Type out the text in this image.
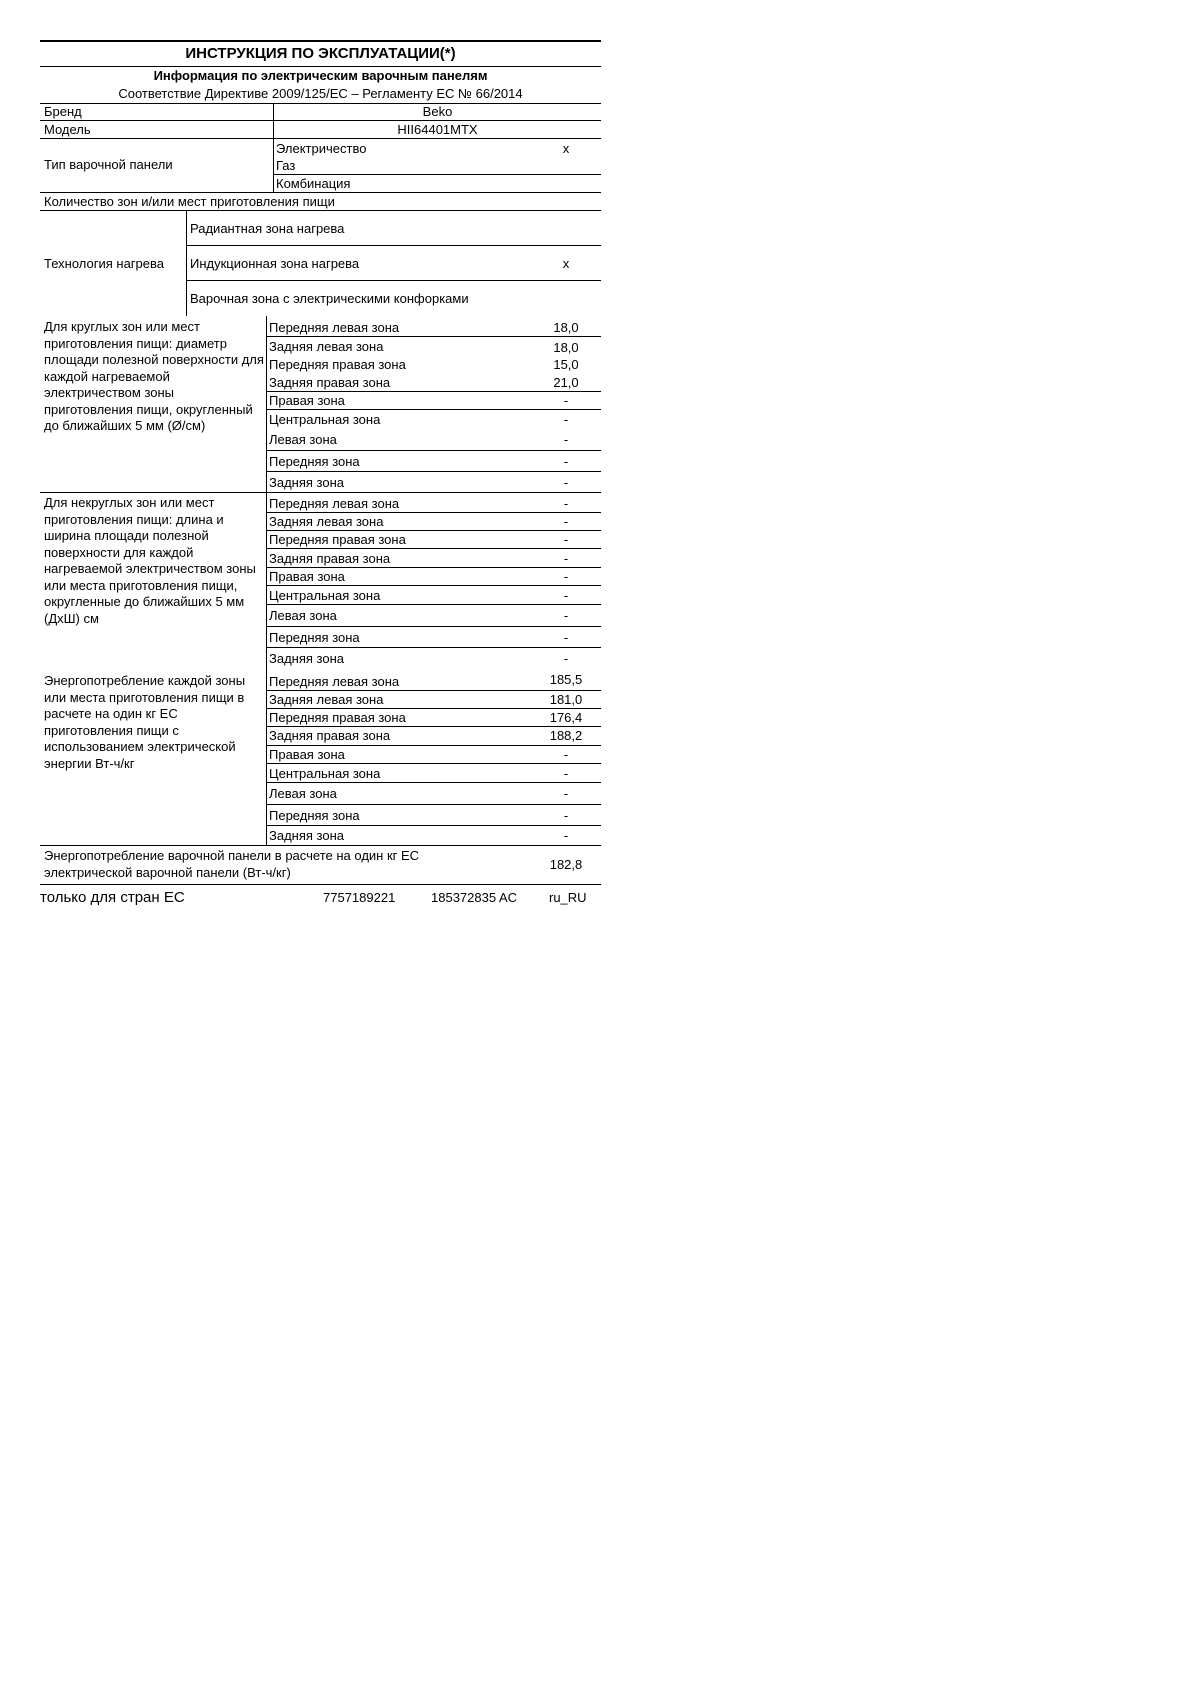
ИНСТРУКЦИЯ ПО ЭКСПЛУАТАЦИИ(*)
Информация по электрическим варочным панелям
Соответствие Директиве 2009/125/EC – Регламенту ЕС № 66/2014
Бренд	Beko
Модель	HII64401MTX
Тип варочной панели
Электричество	x
Газ
Комбинация
Количество зон и/или мест приготовления пищи
Технология нагрева
Радиантная зона нагрева
Индукционная зона нагрева	x
Варочная зона с электрическими конфорками
Для круглых зон или мест приготовления пищи: диаметр площади полезной поверхности для каждой нагреваемой электричеством зоны приготовления пищи, округленный до ближайших 5 мм (Ø/см)
Передняя левая зона	18,0
Задняя левая зона	18,0
Передняя правая зона	15,0
Задняя правая зона	21,0
Правая зона	-
Центральная зона	-
Левая зона	-
Передняя зона	-
Задняя зона	-
Для некруглых зон или мест приготовления пищи: длина и ширина площади полезной поверхности для каждой нагреваемой электричеством зоны или места приготовления пищи, округленные до ближайших 5 мм (ДхШ) см
Передняя левая зона	-
Задняя левая зона	-
Передняя правая зона	-
Задняя правая зона	-
Правая зона	-
Центральная зона	-
Левая зона	-
Передняя зона	-
Задняя зона	-
Энергопотребление каждой зоны или места приготовления пищи в расчете на один кг ЕС приготовления пищи с использованием электрической энергии Вт-ч/кг
Передняя левая зона	185,5
Задняя левая зона	181,0
Передняя правая зона	176,4
Задняя правая зона	188,2
Правая зона	-
Центральная зона	-
Левая зона	-
Передняя зона	-
Задняя зона	-
Энергопотребление варочной панели в расчете на один кг ЕС электрической варочной панели (Вт-ч/кг)	182,8
только для стран ЕС	7757189221	185372835 AC ru_RU
